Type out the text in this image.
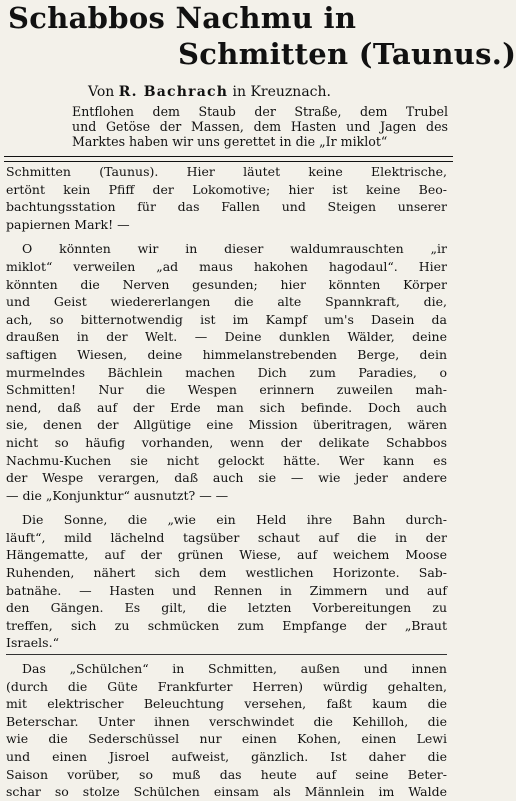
Schabbos Nachmu in
Schmitten (Taunus.)
Von R. Bachrach in Kreuznach.
Entflohen dem Staub der Straße, dem Trubel
und Getöse der Massen, dem Hasten und Jagen des
Marktes haben wir uns gerettet in die „Ir miklot“
Schmitten (Taunus). Hier läutet keine Elektrische,
ertönt kein Pfiff der Lokomotive; hier ist keine Beo-
bachtungsstation für das Fallen und Steigen unserer
papiernen Mark! —
O könnten wir in dieser waldumrauschten „ir
miklot“ verweilen „ad maus hakohen hagodaul“. Hier
könnten die Nerven gesunden; hier könnten Körper
und Geist wiedererlangen die alte Spannkraft, die,
ach, so bitternotwendig ist im Kampf um's Dasein da
draußen in der Welt. — Deine dunklen Wälder, deine
saftigen Wiesen, deine himmelanstrebenden Berge, dein
murmelndes Bächlein machen Dich zum Paradies, o
Schmitten! Nur die Wespen erinnern zuweilen mah-
nend, daß auf der Erde man sich befinde. Doch auch
sie, denen der Allgütige eine Mission überitragen, wären
nicht so häufig vorhanden, wenn der delikate Schabbos
Nachmu-Kuchen sie nicht gelockt hätte. Wer kann es
der Wespe verargen, daß auch sie — wie jeder andere
— die „Konjunktur“ ausnutzt? — —
Die Sonne, die „wie ein Held ihre Bahn durch-
läuft“, mild lächelnd tagsüber schaut auf die in der
Hängematte, auf der grünen Wiese, auf weichem Moose
Ruhenden, nähert sich dem westlichen Horizonte. Sab-
batnähe. — Hasten und Rennen in Zimmern und auf
den Gängen. Es gilt, die letzten Vorbereitungen zu
treffen, sich zu schmücken zum Empfange der „Braut
Israels.“
Das „Schülchen“ in Schmitten, außen und innen
(durch die Güte Frankfurter Herren) würdig gehalten,
mit elektrischer Beleuchtung versehen, faßt kaum die
Beterschar. Unter ihnen verschwindet die Kehilloh, die
wie die Sederschüssel nur einen Kohen, einen Lewi
und einen Jisroel aufweist, gänzlich. Ist daher die
Saison vorüber, so muß das heute auf seine Beter-
schar so stolze Schülchen einsam als Männlein im Walde
